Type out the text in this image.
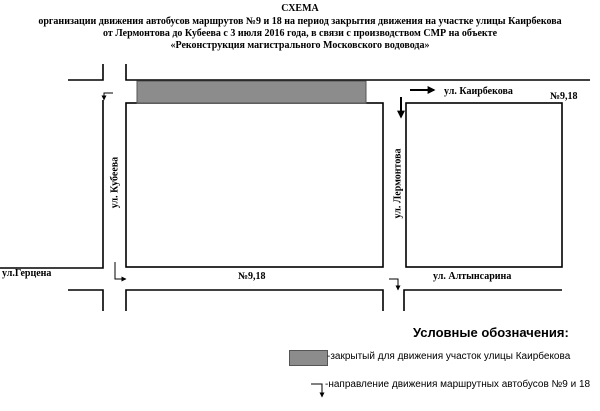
СХЕМА
организации движения автобусов маршрутов №9 и 18 на период закрытия движения на участке улицы Каирбекова
от Лермонтова до Кубеева с 3 июля 2016 года, в связи с производством СМР на объекте
«Реконструкция магистрального Московского водовода»
ул. Каирбекова	№9,18
ул. Кубеева	ул. Лермонтова
ул.Герцена	№9,18	ул. Алтынсарина
Условные обозначения:
-закрытый для движения участок улицы Каирбекова
-направление движения маршрутных автобусов №9 и 18
